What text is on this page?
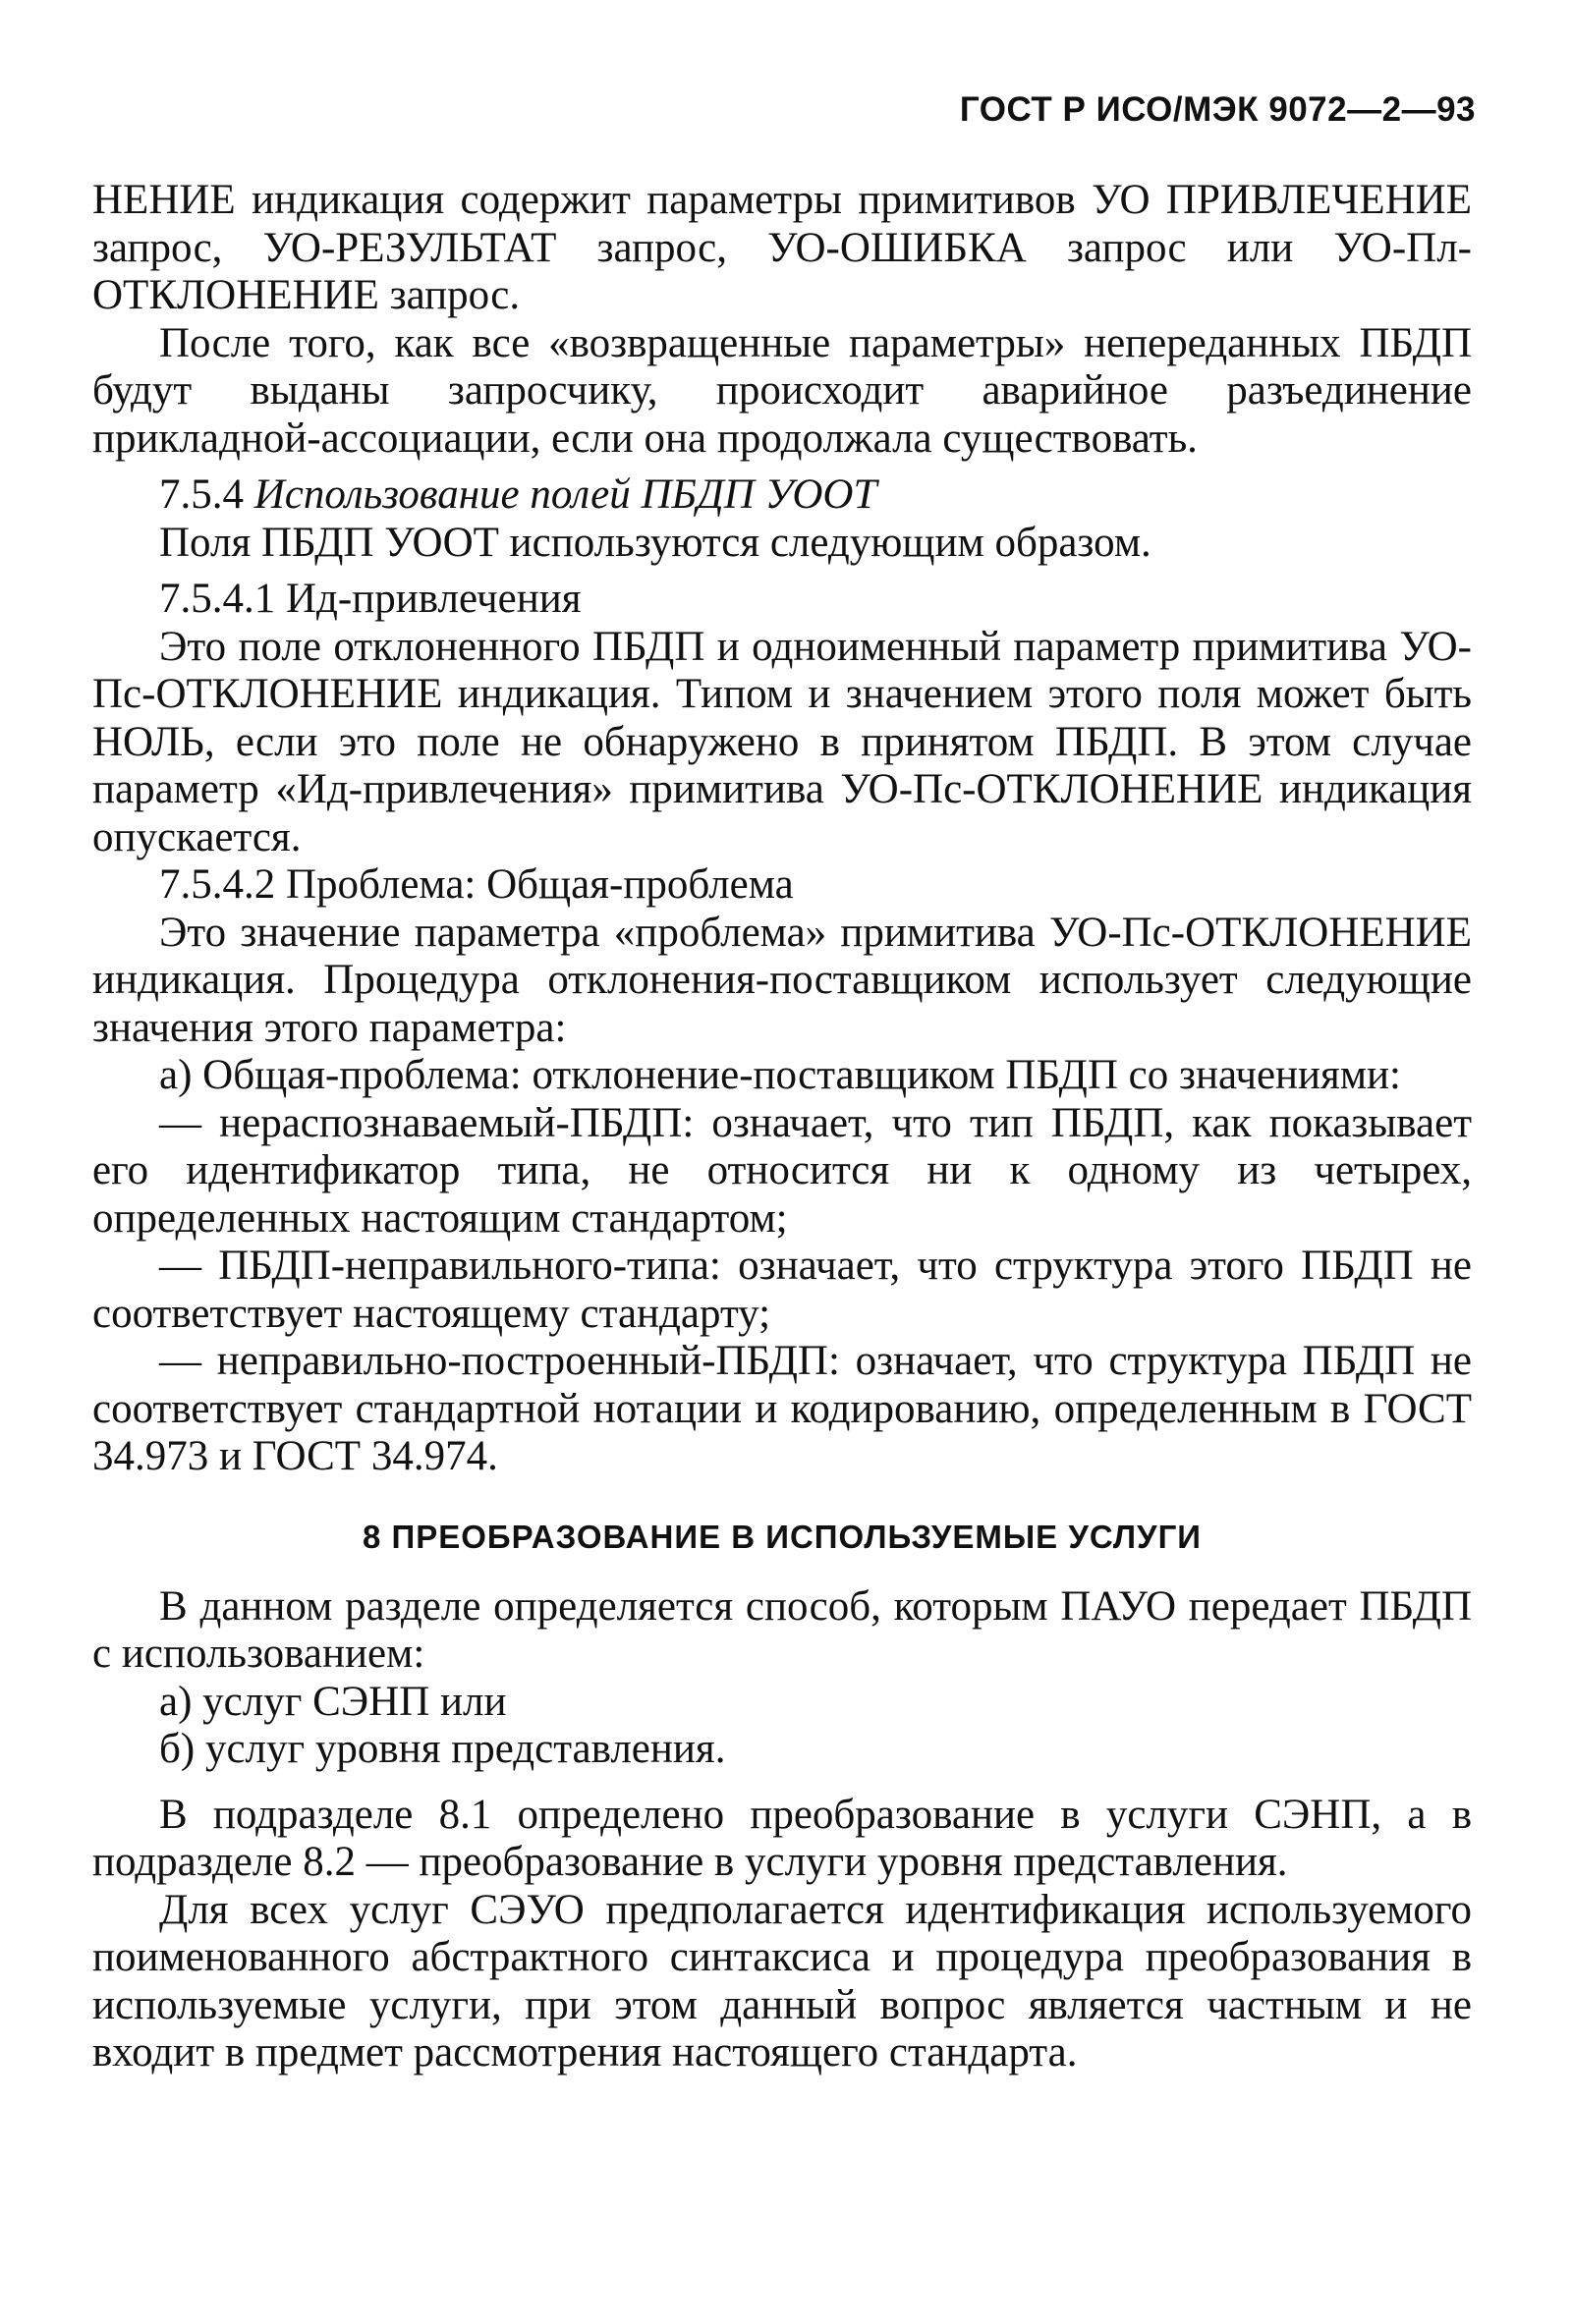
ГОСТ Р ИСО/МЭК 9072—2—93

НЕНИЕ индикация содержит параметры примитивов УО ПРИВЛЕЧЕНИЕ запрос, УО-РЕЗУЛЬТАТ запрос, УО-ОШИБКА запрос или УО-Пл-ОТКЛОНЕНИЕ запрос.

После того, как все «возвращенные параметры» непереданных ПБДП будут выданы запросчику, происходит аварийное разъединение прикладной-ассоциации, если она продолжала существовать.

7.5.4 Использование полей ПБДП УООТ

Поля ПБДП УООТ используются следующим образом.

7.5.4.1 Ид-привлечения

Это поле отклоненного ПБДП и одноименный параметр примитива УО-Пс-ОТКЛОНЕНИЕ индикация. Типом и значением этого поля может быть НОЛЬ, если это поле не обнаружено в принятом ПБДП. В этом случае параметр «Ид-привлечения» примитива УО-Пс-ОТКЛОНЕНИЕ индикация опускается.

7.5.4.2 Проблема: Общая-проблема

Это значение параметра «проблема» примитива УО-Пс-ОТКЛОНЕНИЕ индикация. Процедура отклонения-поставщиком использует следующие значения этого параметра:

а) Общая-проблема: отклонение-поставщиком ПБДП со значениями:

— нераспознаваемый-ПБДП: означает, что тип ПБДП, как показывает его идентификатор типа, не относится ни к одному из четырех, определенных настоящим стандартом;

— ПБДП-неправильного-типа: означает, что структура этого ПБДП не соответствует настоящему стандарту;

— неправильно-построенный-ПБДП: означает, что структура ПБДП не соответствует стандартной нотации и кодированию, определенным в ГОСТ 34.973 и ГОСТ 34.974.

8 ПРЕОБРАЗОВАНИЕ В ИСПОЛЬЗУЕМЫЕ УСЛУГИ

В данном разделе определяется способ, которым ПАУО передает ПБДП с использованием:

а) услуг СЭНП или

б) услуг уровня представления.

В подразделе 8.1 определено преобразование в услуги СЭНП, а в подразделе 8.2 — преобразование в услуги уровня представления.

Для всех услуг СЭУО предполагается идентификация используемого поименованного абстрактного синтаксиса и процедура преобразования в используемые услуги, при этом данный вопрос является частным и не входит в предмет рассмотрения настоящего стандарта.
